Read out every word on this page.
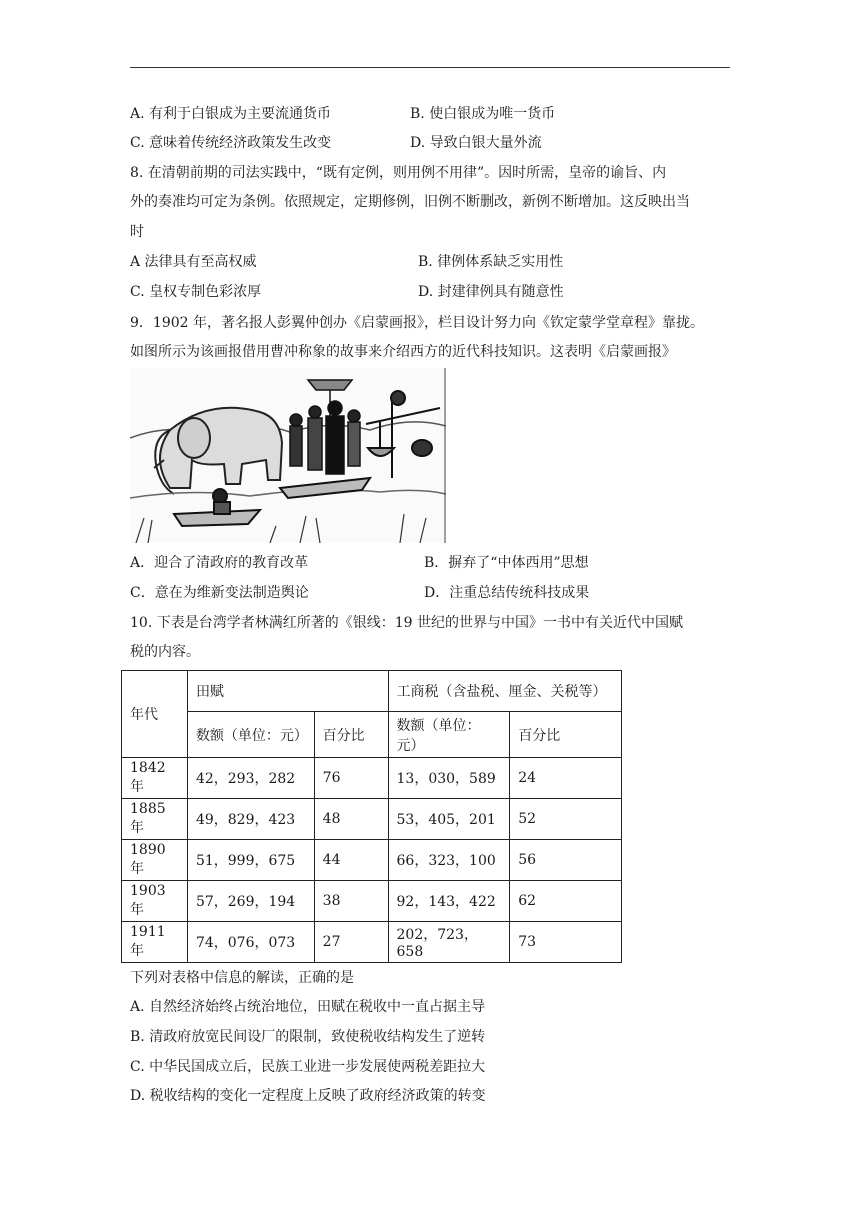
A. 有利于白银成为主要流通货币	B. 使白银成为唯一货币
C. 意味着传统经济政策发生改变	D. 导致白银大量外流
8. 在清朝前期的司法实践中，“既有定例，则用例不用律”。因时所需，皇帝的谕旨、内
外的奏准均可定为条例。依照规定，定期修例，旧例不断删改，新例不断增加。这反映出当
时
A 法律具有至高权威	B. 律例体系缺乏实用性
C. 皇权专制色彩浓厚	D. 封建律例具有随意性
9．1902 年，著名报人彭翼仲创办《启蒙画报》，栏目设计努力向《钦定蒙学堂章程》靠拢。
如图所示为该画报借用曹冲称象的故事来介绍西方的近代科技知识。这表明《启蒙画报》
A．迎合了清政府的教育改革	B．摒弃了“中体西用”思想
C．意在为维新变法制造舆论	D．注重总结传统科技成果
10. 下表是台湾学者林满红所著的《银线：19 世纪的世界与中国》一书中有关近代中国赋
税的内容。
年代	田赋		工商税（含盐税、厘金、关税等）	
	数额（单位：元）	百分比	数额（单位：元）	百分比
1842 年	42，293，282	76	13，030，589	24
1885 年	49，829，423	48	53，405，201	52
1890 年	51，999，675	44	66，323，100	56
1903 年	57，269，194	38	92，143，422	62
1911 年	74，076，073	27	202，723，658	73
下列对表格中信息的解读，正确的是
A. 自然经济始终占统治地位，田赋在税收中一直占据主导
B. 清政府放宽民间设厂的限制，致使税收结构发生了逆转
C. 中华民国成立后，民族工业进一步发展使两税差距拉大
D. 税收结构的变化一定程度上反映了政府经济政策的转变
